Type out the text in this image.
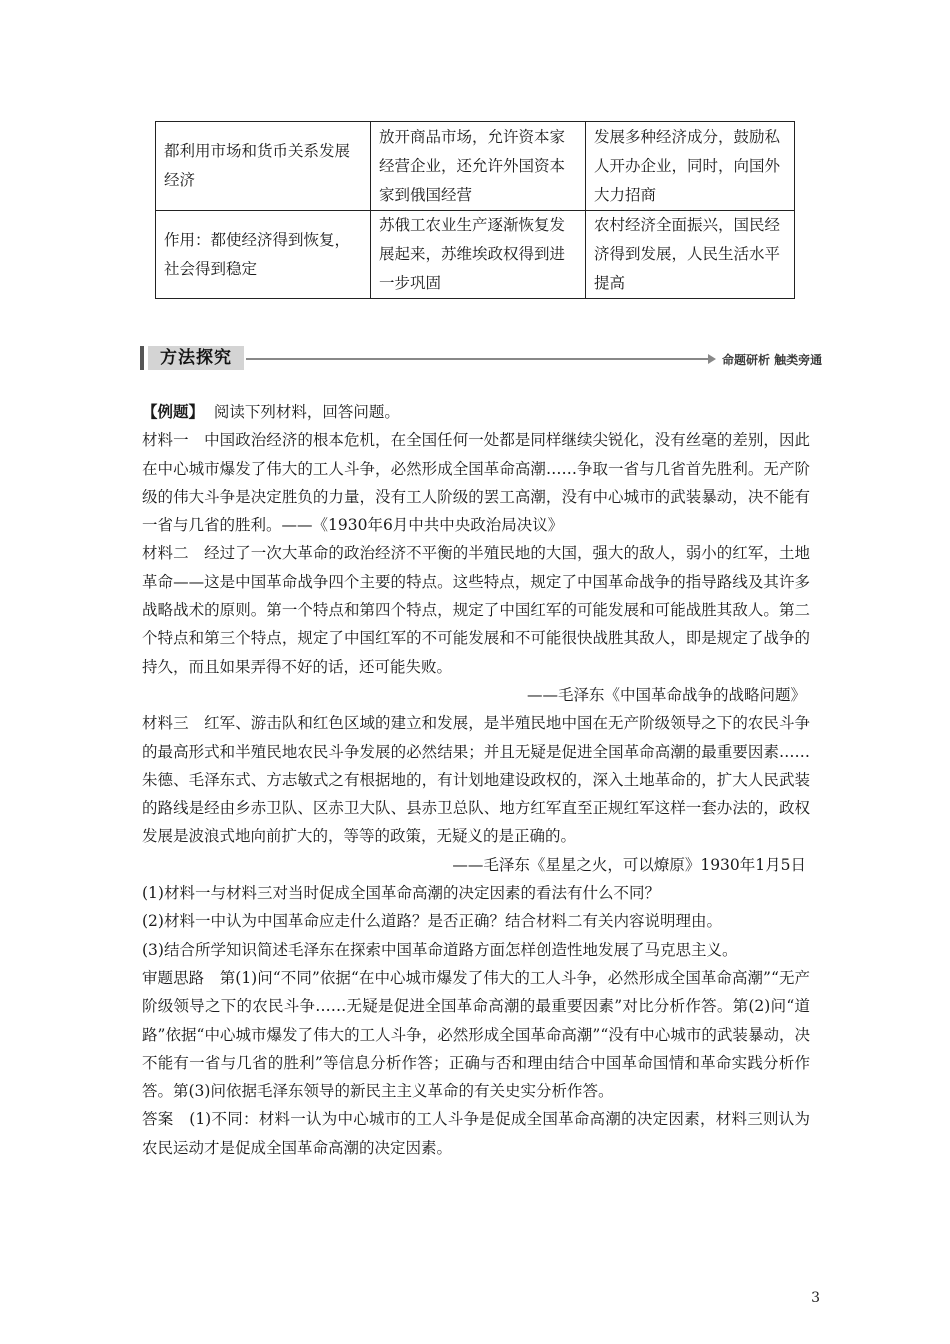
都利用市场和货币关系发展经济	放开商品市场，允许资本家经营企业，还允许外国资本家到俄国经营	发展多种经济成分，鼓励私人开办企业，同时，向国外大力招商
作用：都使经济得到恢复，社会得到稳定	苏俄工农业生产逐渐恢复发展起来，苏维埃政权得到进一步巩固	农村经济全面振兴，国民经济得到发展，人民生活水平提高
方法探究	命题研析 触类旁通

【例题】 阅读下列材料，回答问题。

材料一　中国政治经济的根本危机，在全国任何一处都是同样继续尖锐化，没有丝毫的差别，因此在中心城市爆发了伟大的工人斗争，必然形成全国革命高潮……争取一省与几省首先胜利。无产阶级的伟大斗争是决定胜负的力量，没有工人阶级的罢工高潮，没有中心城市的武装暴动，决不能有一省与几省的胜利。——《1930年6月中共中央政治局决议》

材料二　经过了一次大革命的政治经济不平衡的半殖民地的大国，强大的敌人，弱小的红军，土地革命——这是中国革命战争四个主要的特点。这些特点，规定了中国革命战争的指导路线及其许多战略战术的原则。第一个特点和第四个特点，规定了中国红军的可能发展和可能战胜其敌人。第二个特点和第三个特点，规定了中国红军的不可能发展和不可能很快战胜其敌人，即是规定了战争的持久，而且如果弄得不好的话，还可能失败。

——毛泽东《中国革命战争的战略问题》

材料三　红军、游击队和红色区域的建立和发展，是半殖民地中国在无产阶级领导之下的农民斗争的最高形式和半殖民地农民斗争发展的必然结果；并且无疑是促进全国革命高潮的最重要因素……朱德、毛泽东式、方志敏式之有根据地的，有计划地建设政权的，深入土地革命的，扩大人民武装的路线是经由乡赤卫队、区赤卫大队、县赤卫总队、地方红军直至正规红军这样一套办法的，政权发展是波浪式地向前扩大的，等等的政策，无疑义的是正确的。

——毛泽东《星星之火，可以燎原》1930年1月5日

(1)材料一与材料三对当时促成全国革命高潮的决定因素的看法有什么不同？

(2)材料一中认为中国革命应走什么道路？是否正确？结合材料二有关内容说明理由。

(3)结合所学知识简述毛泽东在探索中国革命道路方面怎样创造性地发展了马克思主义。

审题思路　第(1)问“不同”依据“在中心城市爆发了伟大的工人斗争，必然形成全国革命高潮”“无产阶级领导之下的农民斗争……无疑是促进全国革命高潮的最重要因素”对比分析作答。第(2)问“道路”依据“中心城市爆发了伟大的工人斗争，必然形成全国革命高潮”“没有中心城市的武装暴动，决不能有一省与几省的胜利”等信息分析作答；正确与否和理由结合中国革命国情和革命实践分析作答。第(3)问依据毛泽东领导的新民主主义革命的有关史实分析作答。

答案　(1)不同：材料一认为中心城市的工人斗争是促成全国革命高潮的决定因素，材料三则认为农民运动才是促成全国革命高潮的决定因素。

3
